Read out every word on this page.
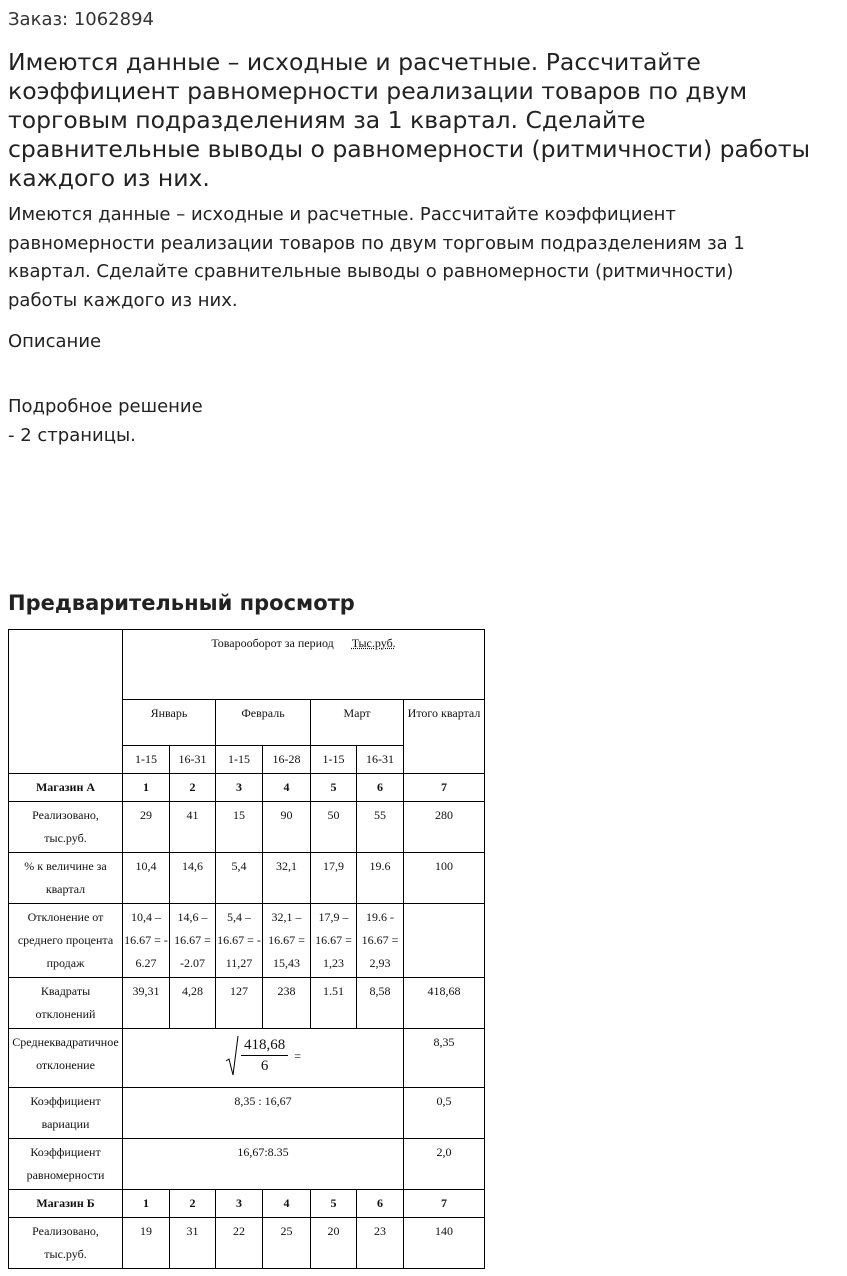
Заказ: 1062894
Имеются данные – исходные и расчетные. Рассчитайте коэффициент равномерности реализации товаров по двум торговым подразделениям за 1 квартал. Сделайте сравнительные выводы о равномерности (ритмичности) работы каждого из них.

Имеются данные – исходные и расчетные. Рассчитайте коэффициент равномерности реализации товаров по двум торговым подразделениям за 1 квартал. Сделайте сравнительные выводы о равномерности (ритмичности) работы каждого из них.

Описание
Подробное решение
- 2 страницы.
Предварительный просмотр
	Товарооборот за период Тыс.руб.						
	Январь		Февраль		Март		Итого квартал
	1-15	16-31	1-15	16-28	1-15	16-31	
Магазин А	1	2	3	4	5	6	7
Реализовано, тыс.руб.	29	41	15	90	50	55	280
% к величине за квартал	10,4	14,6	5,4	32,1	17,9	19.6	100
Отклонение от среднего процента продаж	10,4 – 16.67 = - 6.27	14,6 – 16.67 = -2.07	5,4 – 16.67 = - 11,27	32,1 – 16.67 = 15,43	17,9 – 16.67 = 1,23	19.6 - 16.67 = 2,93	
Квадраты отклонений	39,31	4,28	127	238	1.51	8,58	418,68
Среднеквадратичное отклонение	$\frac{418,68}{6}$ =						8,35
Коэффициент вариации	8,35 : 16,67						0,5
Коэффициент равномерности	16,67:8.35						2,0
Магазин Б	1	2	3	4	5	6	7
Реализовано, тыс.руб.	19	31	22	25	20	23	140
